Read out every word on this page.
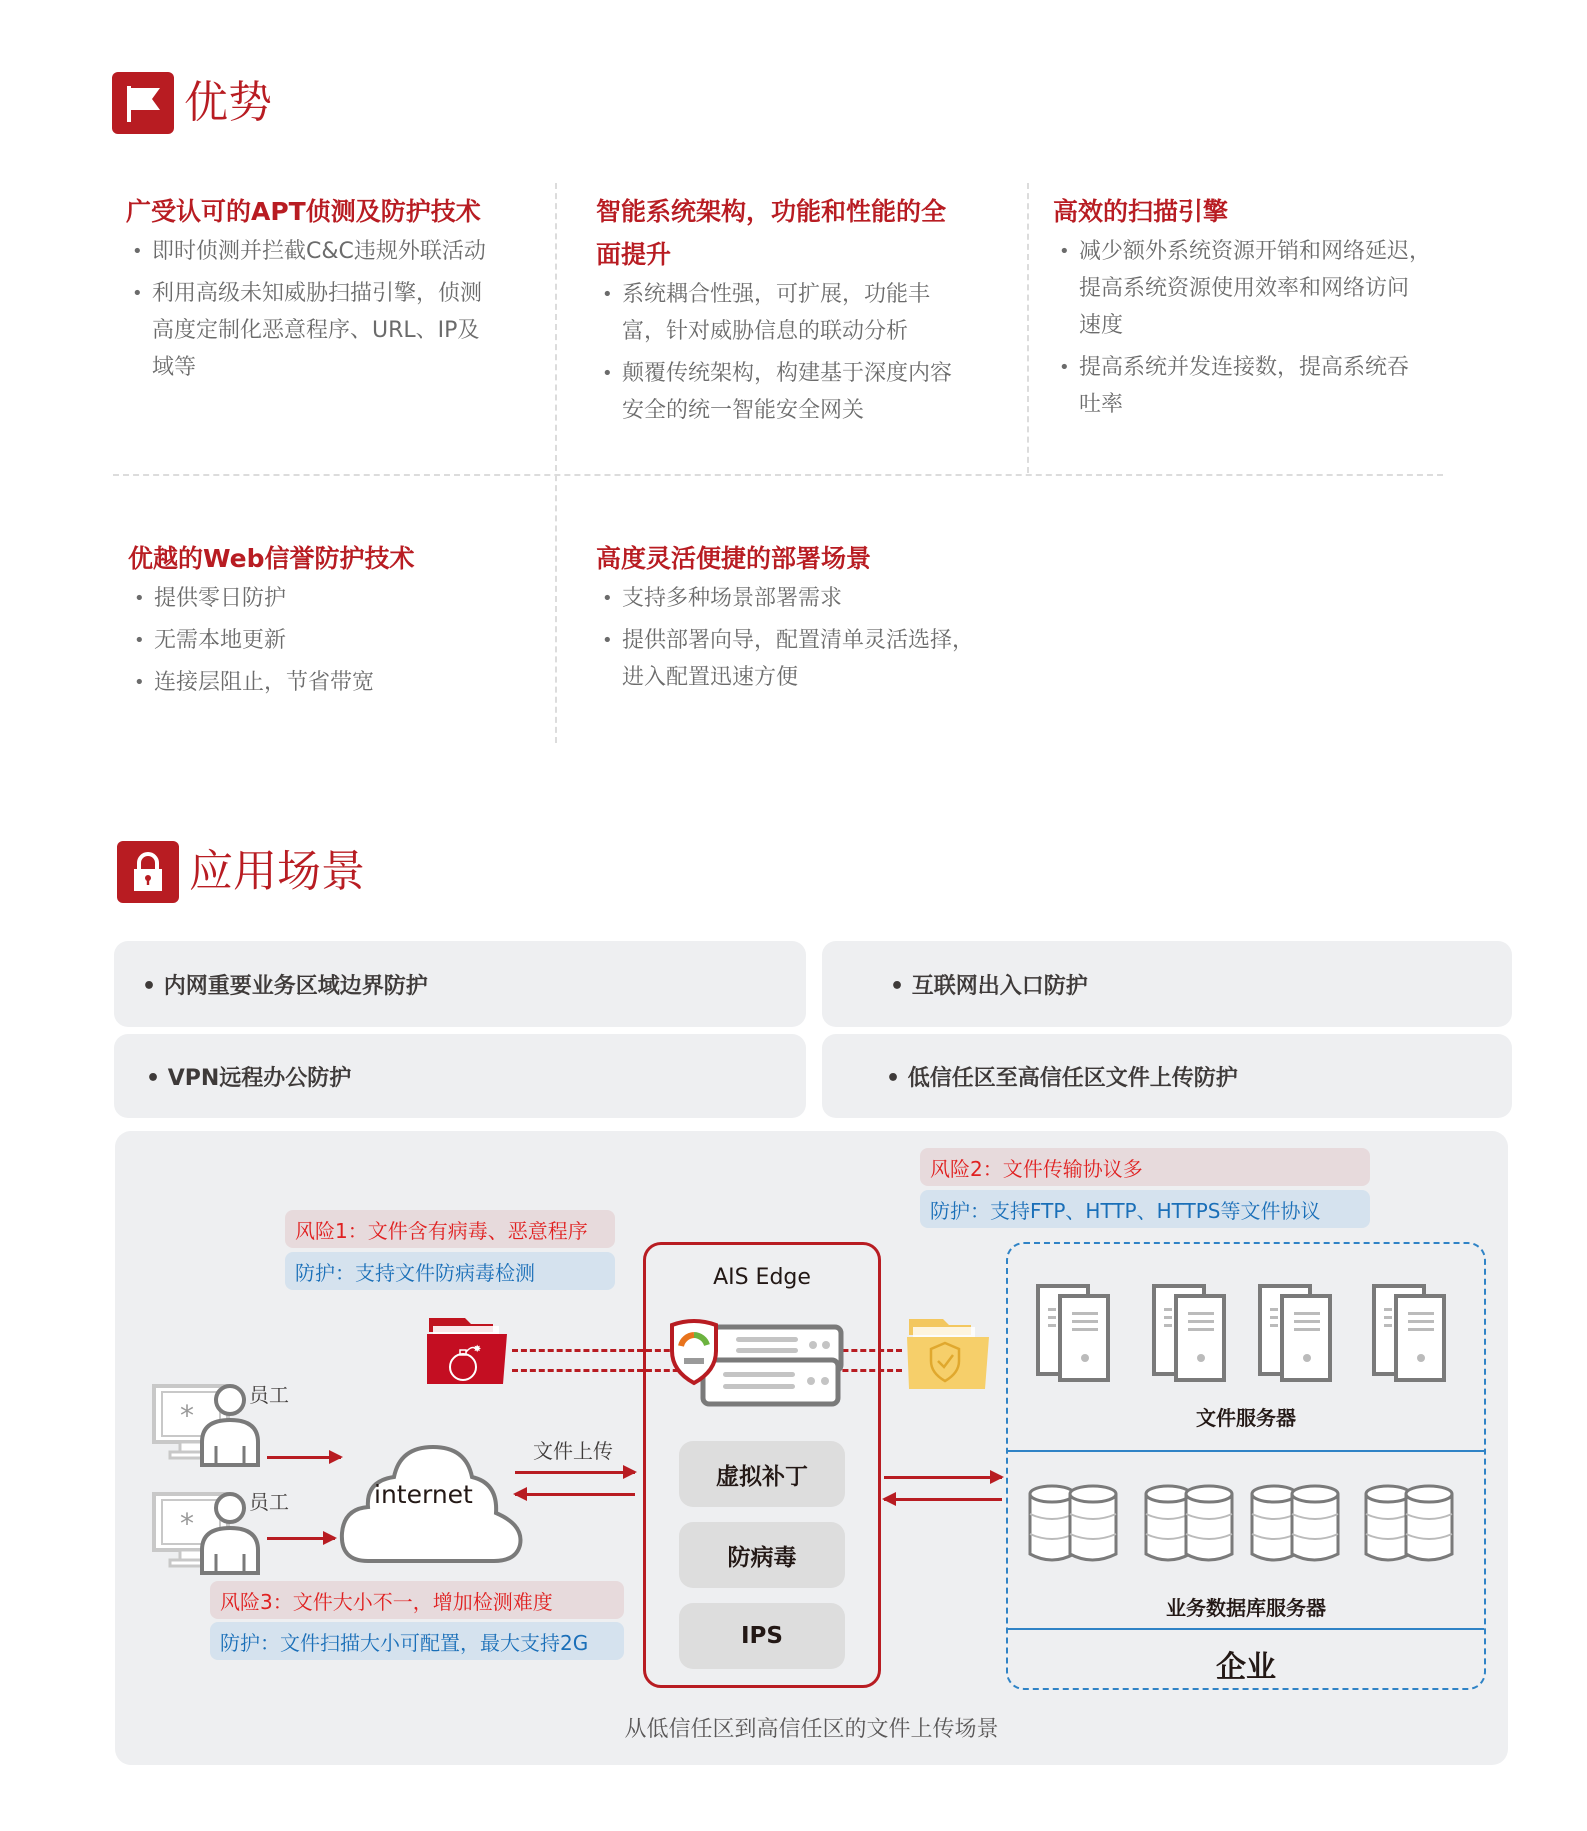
优势
广受认可的APT侦测及防护技术
• 即时侦测并拦截C&C违规外联活动
• 利用高级未知威胁扫描引擎，侦测
高度定制化恶意程序、URL、IP及
域等
智能系统架构，功能和性能的全
面提升
• 系统耦合性强，可扩展，功能丰
富，针对威胁信息的联动分析
• 颠覆传统架构，构建基于深度内容
安全的统一智能安全网关
高效的扫描引擎
• 减少额外系统资源开销和网络延迟，
提高系统资源使用效率和网络访问
速度
• 提高系统并发连接数，提高系统吞
吐率
优越的Web信誉防护技术
• 提供零日防护
• 无需本地更新
• 连接层阻止，节省带宽
高度灵活便捷的部署场景
• 支持多种场景部署需求
• 提供部署向导，配置清单灵活选择，
进入配置迅速方便
应用场景
• 内网重要业务区域边界防护	• 互联网出入口防护
• VPN远程办公防护	• 低信任区至高信任区文件上传防护
风险1：文件含有病毒、恶意程序
防护：支持文件防病毒检测
风险2：文件传输协议多
防护：支持FTP、HTTP、HTTPS等文件协议
风险3：文件大小不一，增加检测难度
防护：文件扫描大小可配置，最大支持2G
✸
AIS Edge
虚拟补丁
防病毒
IPS
*
员工
*
员工	internet
文件上传
文件服务器
业务数据库服务器
企业
从低信任区到高信任区的文件上传场景
